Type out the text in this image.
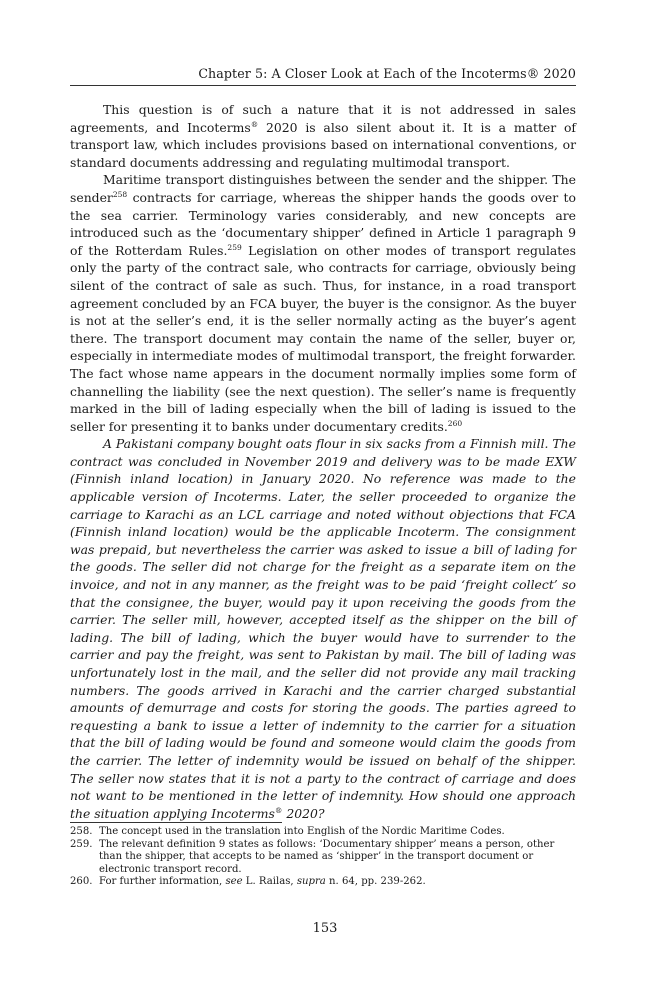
Chapter 5: A Closer Look at Each of the Incoterms® 2020

This question is of such a nature that it is not addressed in sales agreements, and Incoterms® 2020 is also silent about it. It is a matter of transport law, which includes provisions based on international conventions, or standard documents addressing and regulating multimodal transport.

Maritime transport distinguishes between the sender and the shipper. The sender$^{258}$ contracts for carriage, whereas the shipper hands the goods over to the sea carrier. Terminology varies considerably, and new concepts are introduced such as the ‘documentary shipper’ defined in Article 1 paragraph 9 of the Rotterdam Rules.$^{259}$ Legislation on other modes of transport regulates only the party of the contract sale, who contracts for carriage, obviously being silent of the contract of sale as such. Thus, for instance, in a road transport agreement concluded by an FCA buyer, the buyer is the consignor. As the buyer is not at the seller’s end, it is the seller normally acting as the buyer’s agent there. The transport document may contain the name of the seller, buyer or, especially in intermediate modes of multimodal transport, the freight forwarder. The fact whose name appears in the document normally implies some form of channelling the liability (see the next question). The seller’s name is frequently marked in the bill of lading especially when the bill of lading is issued to the seller for presenting it to banks under documentary credits.$^{260}$

A Pakistani company bought oats flour in six sacks from a Finnish mill. The contract was concluded in November 2019 and delivery was to be made EXW (Finnish inland location) in January 2020. No reference was made to the applicable version of Incoterms. Later, the seller proceeded to organize the carriage to Karachi as an LCL carriage and noted without objections that FCA (Finnish inland location) would be the applicable Incoterm. The consignment was prepaid, but nevertheless the carrier was asked to issue a bill of lading for the goods. The seller did not charge for the freight as a separate item on the invoice, and not in any manner, as the freight was to be paid ‘freight collect’ so that the consignee, the buyer, would pay it upon receiving the goods from the carrier. The seller mill, however, accepted itself as the shipper on the bill of lading. The bill of lading, which the buyer would have to surrender to the carrier and pay the freight, was sent to Pakistan by mail. The bill of lading was unfortunately lost in the mail, and the seller did not provide any mail tracking numbers. The goods arrived in Karachi and the carrier charged substantial amounts of demurrage and costs for storing the goods. The parties agreed to requesting a bank to issue a letter of indemnity to the carrier for a situation that the bill of lading would be found and someone would claim the goods from the carrier. The letter of indemnity would be issued on behalf of the shipper. The seller now states that it is not a party to the contract of carriage and does not want to be mentioned in the letter of indemnity. How should one approach the situation applying Incoterms® 2020?

258. The concept used in the translation into English of the Nordic Maritime Codes.
259. The relevant definition 9 states as follows: ‘Documentary shipper’ means a person, other than the shipper, that accepts to be named as ‘shipper’ in the transport document or electronic transport record.
260. For further information, see L. Railas, supra n. 64, pp. 239-262.
153
